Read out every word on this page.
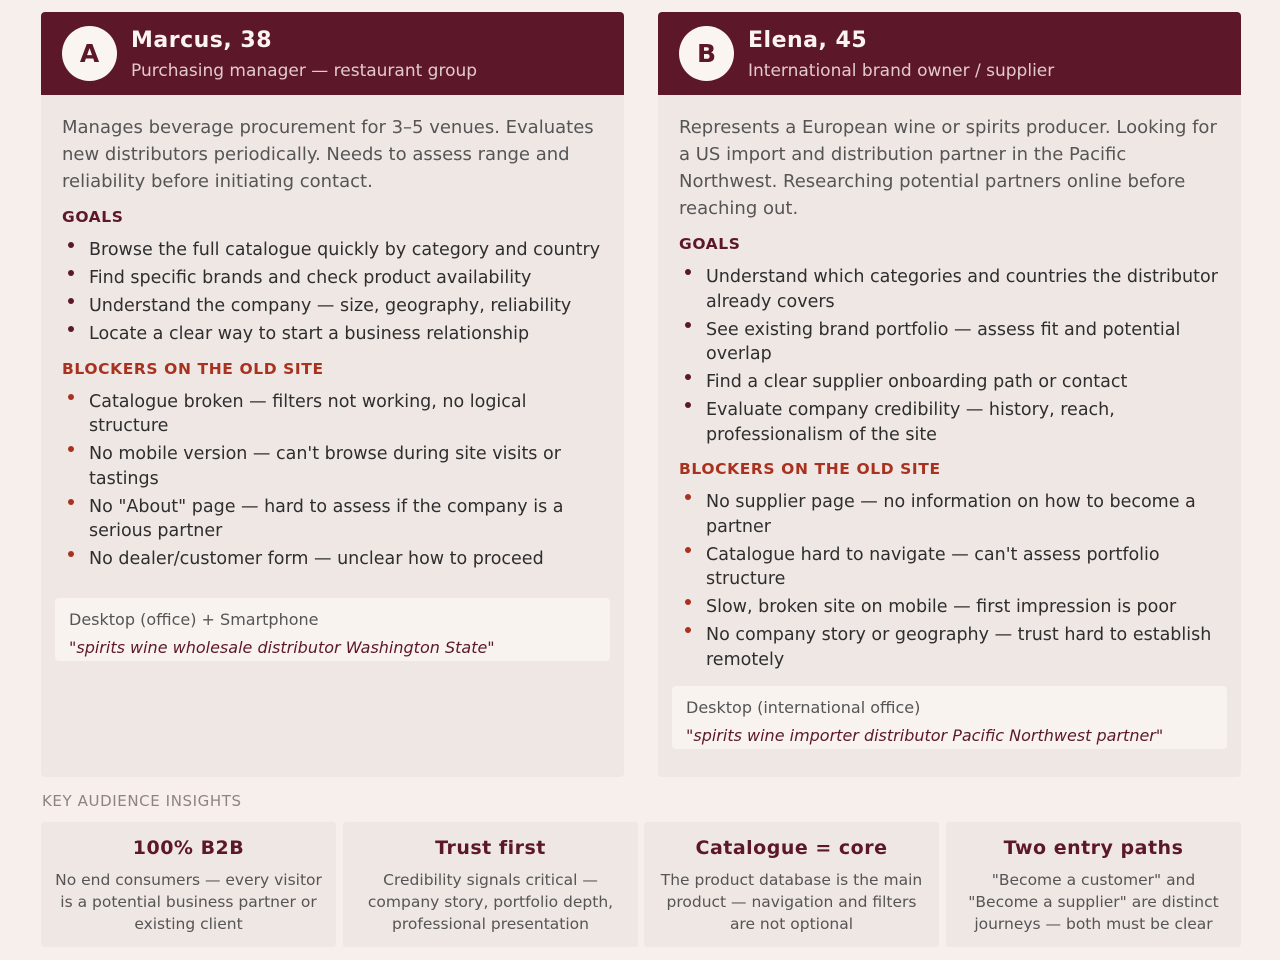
A	Marcus, 38
Purchasing manager — restaurant group

Manages beverage procurement for 3–5 venues. Evaluates new distributors periodically. Needs to assess range and reliability before initiating contact.

GOALS
Browse the full catalogue quickly by category and country
Find specific brands and check product availability
Understand the company — size, geography, reliability
Locate a clear way to start a business relationship
BLOCKERS ON THE OLD SITE
Catalogue broken — filters not working, no logical structure
No mobile version — can't browse during site visits or tastings
No "About" page — hard to assess if the company is a serious partner
No dealer/customer form — unclear how to proceed
Desktop (office) + Smartphone
"spirits wine wholesale distributor Washington State"
B	Elena, 45
International brand owner / supplier

Represents a European wine or spirits producer. Looking for a US import and distribution partner in the Pacific Northwest. Researching potential partners online before reaching out.

GOALS
Understand which categories and countries the distributor already covers
See existing brand portfolio — assess fit and potential overlap
Find a clear supplier onboarding path or contact
Evaluate company credibility — history, reach, professionalism of the site
BLOCKERS ON THE OLD SITE
No supplier page — no information on how to become a partner
Catalogue hard to navigate — can't assess portfolio structure
Slow, broken site on mobile — first impression is poor
No company story or geography — trust hard to establish remotely
Desktop (international office)
"spirits wine importer distributor Pacific Northwest partner"
KEY AUDIENCE INSIGHTS
100% B2B
No end consumers — every visitor is a potential business partner or existing client
Trust first
Credibility signals critical — company story, portfolio depth, professional presentation
Catalogue = core
The product database is the main product — navigation and filters are not optional
Two entry paths
"Become a customer" and "Become a supplier" are distinct journeys — both must be clear
